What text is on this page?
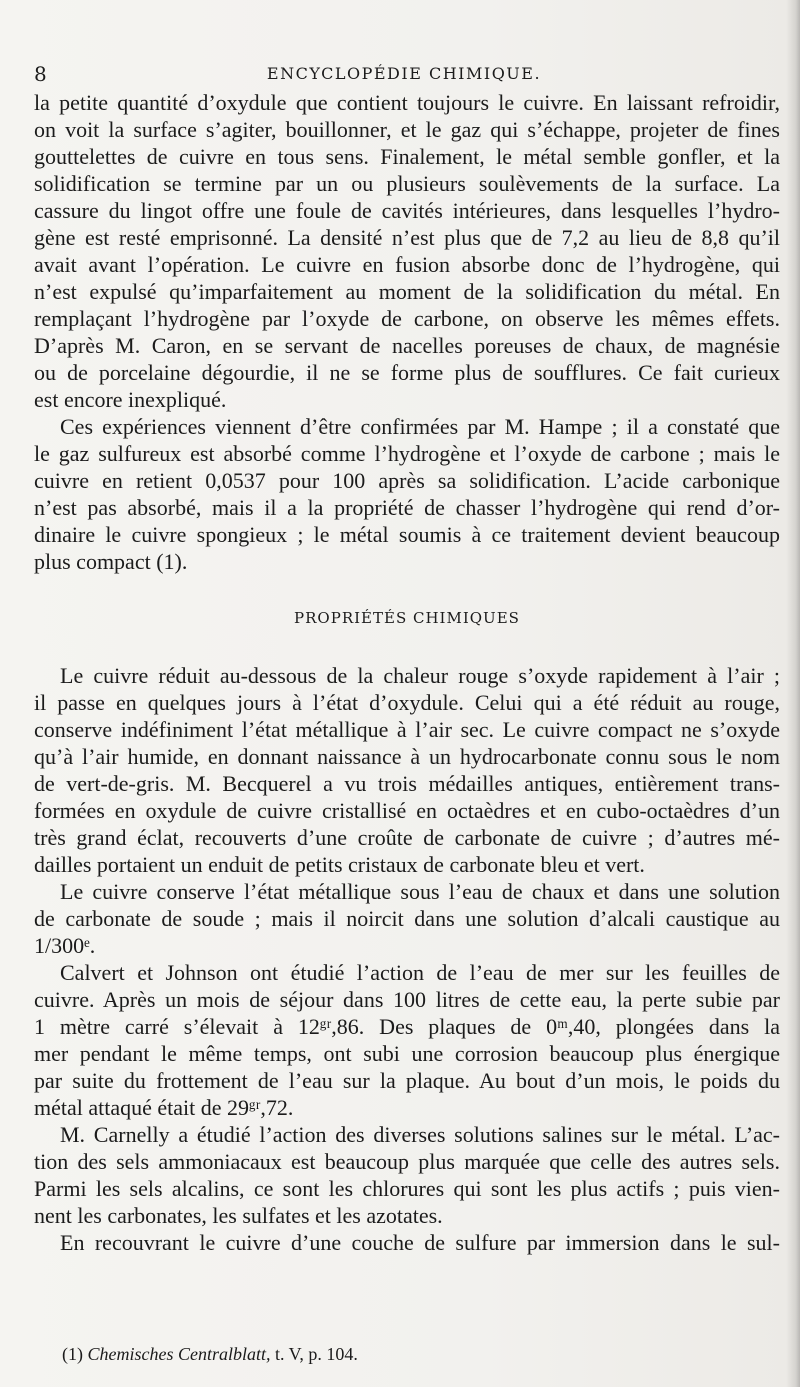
8	ENCYCLOPÉDIE CHIMIQUE.
la petite quantité d’oxydule que contient toujours le cuivre. En laissant refroidir,
on voit la surface s’agiter, bouillonner, et le gaz qui s’échappe, projeter de fines
gouttelettes de cuivre en tous sens. Finalement, le métal semble gonfler, et la
solidification se termine par un ou plusieurs soulèvements de la surface. La
cassure du lingot offre une foule de cavités intérieures, dans lesquelles l’hydro-
gène est resté emprisonné. La densité n’est plus que de 7,2 au lieu de 8,8 qu’il
avait avant l’opération. Le cuivre en fusion absorbe donc de l’hydrogène, qui
n’est expulsé qu’imparfaitement au moment de la solidification du métal. En
remplaçant l’hydrogène par l’oxyde de carbone, on observe les mêmes effets.
D’après M. Caron, en se servant de nacelles poreuses de chaux, de magnésie
ou de porcelaine dégourdie, il ne se forme plus de soufflures. Ce fait curieux
est encore inexpliqué.
Ces expériences viennent d’être confirmées par M. Hampe ; il a constaté que
le gaz sulfureux est absorbé comme l’hydrogène et l’oxyde de carbone ; mais le
cuivre en retient 0,0537 pour 100 après sa solidification. L’acide carbonique
n’est pas absorbé, mais il a la propriété de chasser l’hydrogène qui rend d’or-
dinaire le cuivre spongieux ; le métal soumis à ce traitement devient beaucoup
plus compact (1).
PROPRIÉTÉS CHIMIQUES
Le cuivre réduit au-dessous de la chaleur rouge s’oxyde rapidement à l’air ;
il passe en quelques jours à l’état d’oxydule. Celui qui a été réduit au rouge,
conserve indéfiniment l’état métallique à l’air sec. Le cuivre compact ne s’oxyde
qu’à l’air humide, en donnant naissance à un hydrocarbonate connu sous le nom
de vert-de-gris. M. Becquerel a vu trois médailles antiques, entièrement trans-
formées en oxydule de cuivre cristallisé en octaèdres et en cubo-octaèdres d’un
très grand éclat, recouverts d’une croûte de carbonate de cuivre ; d’autres mé-
dailles portaient un enduit de petits cristaux de carbonate bleu et vert.
Le cuivre conserve l’état métallique sous l’eau de chaux et dans une solution
de carbonate de soude ; mais il noircit dans une solution d’alcali caustique au
1/300ᵉ.
Calvert et Johnson ont étudié l’action de l’eau de mer sur les feuilles de
cuivre. Après un mois de séjour dans 100 litres de cette eau, la perte subie par
1 mètre carré s’élevait à 12ᵍʳ,86. Des plaques de 0ᵐ,40, plongées dans la
mer pendant le même temps, ont subi une corrosion beaucoup plus énergique
par suite du frottement de l’eau sur la plaque. Au bout d’un mois, le poids du
métal attaqué était de 29ᵍʳ,72.
M. Carnelly a étudié l’action des diverses solutions salines sur le métal. L’ac-
tion des sels ammoniacaux est beaucoup plus marquée que celle des autres sels.
Parmi les sels alcalins, ce sont les chlorures qui sont les plus actifs ; puis vien-
nent les carbonates, les sulfates et les azotates.
En recouvrant le cuivre d’une couche de sulfure par immersion dans le sul-
(1) Chemisches Centralblatt, t. V, p. 104.
